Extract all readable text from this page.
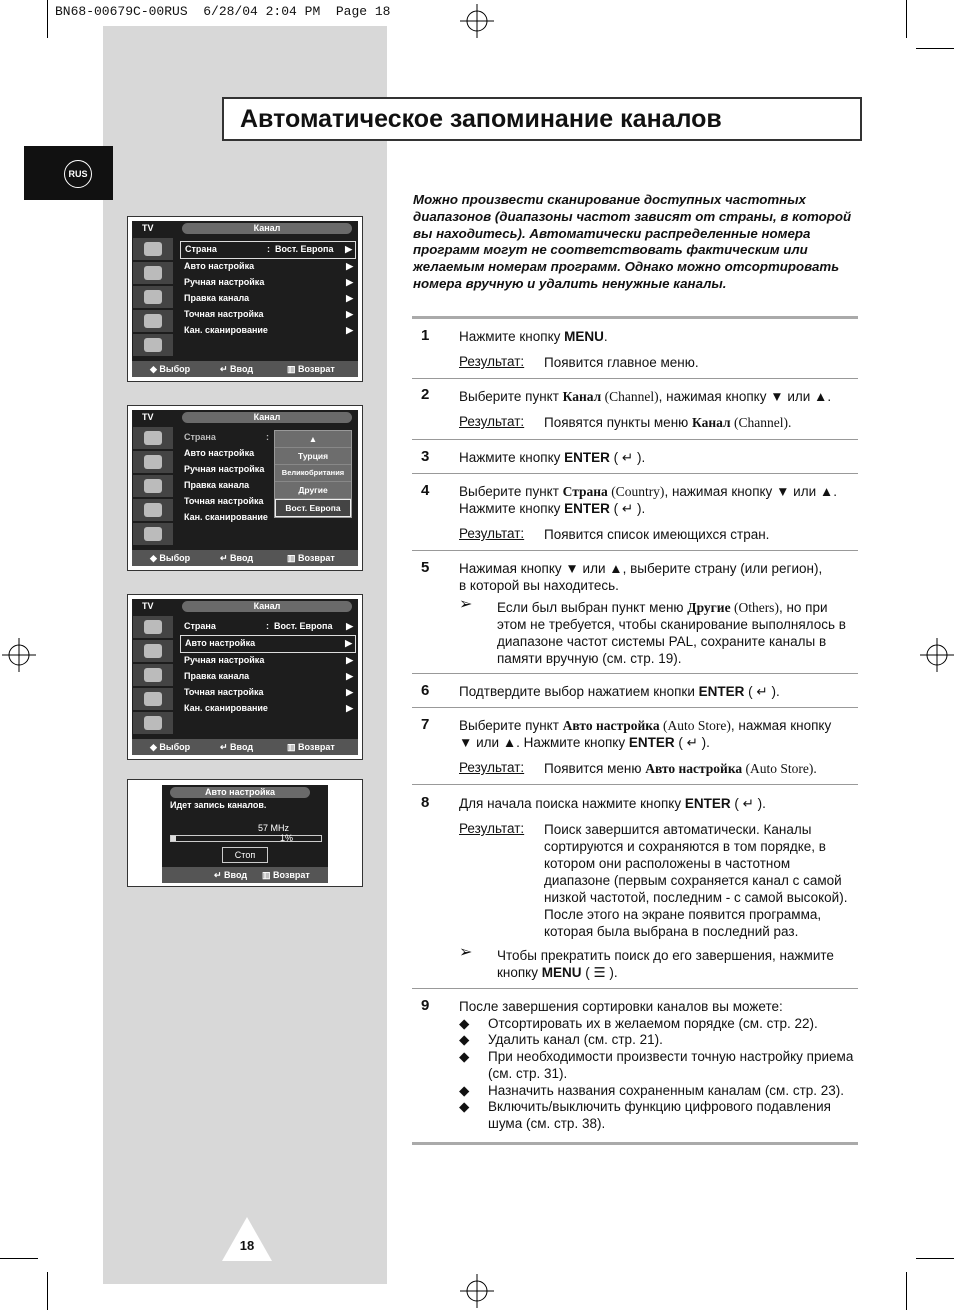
BN68-00679C-00RUS  6/28/04 2:04 PM  Page 18
RUS
Автоматическое запоминание каналов
Можно произвести сканирование доступных частотных диапазонов (диапазоны частот зависят от страны, в которой вы находитесь). Автоматически распределенные номера программ могут не соответствовать фактическим или желаемым номерам программ. Однако можно отсортировать номера вручную и удалить ненужные каналы.
TV	Канал
Страна	: Вост. Европа ▶
Авто настройка	▶
Ручная настройка	▶
Правка канала	▶
Точная настройка	▶
Кан. сканирование	▶
◆ Выбор	↵ Ввод	▥ Возврат
TV	Канал
Страна	:
Авто настройка
Ручная настройка
Правка канала
Точная настройка
Кан. сканирование
▲
Турция
Великобритания
Другие
Вост. Европа
◆ Выбор	↵ Ввод	▥ Возврат
TV	Канал
Страна	: Вост. Европа ▶
Авто настройка	▶
Ручная настройка	▶
Правка канала	▶
Точная настройка	▶
Кан. сканирование	▶
◆ Выбор	↵ Ввод	▥ Возврат
Авто настройка
Идет запись каналов.
57 MHz
1%
Стоп
↵ Ввод ▥ Возврат
1 Нажмите кнопку MENU.
Результат: Появится главное меню.
2 Выберите пункт Канал (Channel), нажимая кнопку ▼ или ▲.
Результат: Появятся пункты меню Канал (Channel).
3 Нажмите кнопку ENTER ( ↵ ).
4 Выберите пункт Страна (Country), нажимая кнопку ▼ или ▲.
Нажмите кнопку ENTER ( ↵ ).
Результат: Появится список имеющихся стран.
5 Нажимая кнопку ▼ или ▲, выберите страну (или регион), в которой вы находитесь.
➢ Если был выбран пункт меню Другие (Others), но при этом не требуется, чтобы сканирование выполнялось в диапазоне частот системы PAL, сохраните каналы в памяти вручную (см. стр. 19).
6 Подтвердите выбор нажатием кнопки ENTER ( ↵ ).
7 Выберите пункт Авто настройка (Auto Store), нажмая кнопку ▼ или ▲. Нажмите кнопку ENTER ( ↵ ).
Результат: Появится меню Авто настройка (Auto Store).
8 Для начала поиска нажмите кнопку ENTER ( ↵ ).
Результат: Поиск завершится автоматически. Каналы сортируются и сохраняются в том порядке, в котором они расположены в частотном диапазоне (первым сохраняется канал с самой низкой частотой, последним - с самой высокой). После этого на экране появится программа, которая была выбрана в последний раз.
➢ Чтобы прекратить поиск до его завершения, нажмите кнопку MENU ( ☰ ).
9 После завершения сортировки каналов вы можете:
◆ Отсортировать их в желаемом порядке (см. стр. 22).
◆ Удалить канал (см. стр. 21).
◆ При необходимости произвести точную настройку приема (см. стр. 31).
◆ Назначить названия сохраненным каналам (см. стр. 23).
◆ Включить/выключить функцию цифрового подавления шума (см. стр. 38).
18
